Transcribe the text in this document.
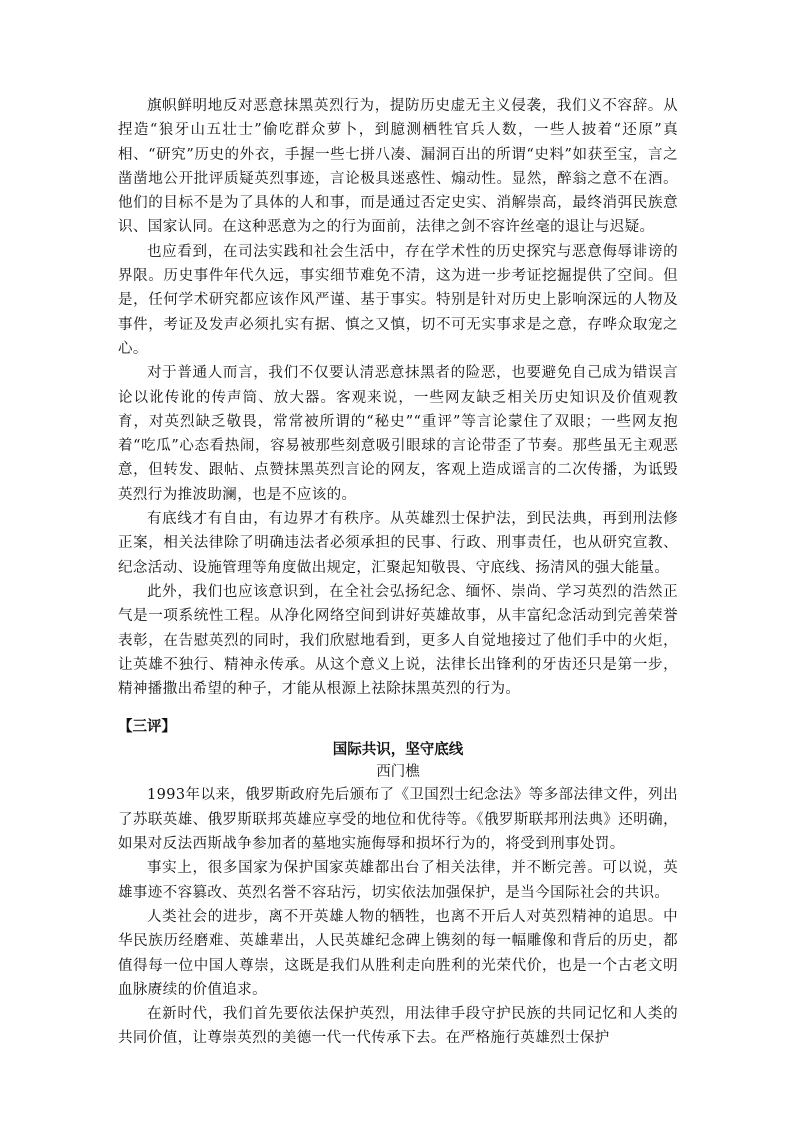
旗帜鲜明地反对恶意抹黑英烈行为，提防历史虚无主义侵袭，我们义不容辞。从捏造“狼牙山五壮士”偷吃群众萝卜，到臆测栖牲官兵人数，一些人披着“还原”真相、“研究”历史的外衣，手握一些七拼八凑、漏洞百出的所谓“史料”如获至宝，言之凿凿地公开批评质疑英烈事迹，言论极具迷惑性、煽动性。显然，醉翁之意不在酒。他们的目标不是为了具体的人和事，而是通过否定史实、消解崇高，最终消弭民族意识、国家认同。在这种恶意为之的行为面前，法律之剑不容许丝毫的退让与迟疑。

也应看到，在司法实践和社会生活中，存在学术性的历史探究与恶意侮辱诽谤的界限。历史事件年代久远，事实细节难免不清，这为进一步考证挖掘提供了空间。但是，任何学术研究都应该作风严谨、基于事实。特别是针对历史上影响深远的人物及事件，考证及发声必须扎实有据、慎之又慎，切不可无实事求是之意，存哗众取宠之心。

对于普通人而言，我们不仅要认清恶意抹黑者的险恶，也要避免自己成为错误言论以讹传讹的传声筒、放大器。客观来说，一些网友缺乏相关历史知识及价值观教育，对英烈缺乏敬畏，常常被所谓的“秘史”“重评”等言论蒙住了双眼；一些网友抱着“吃瓜”心态看热闹，容易被那些刻意吸引眼球的言论带歪了节奏。那些虽无主观恶意，但转发、跟帖、点赞抹黑英烈言论的网友，客观上造成谣言的二次传播，为诋毁英烈行为推波助澜，也是不应该的。

有底线才有自由，有边界才有秩序。从英雄烈士保护法，到民法典，再到刑法修正案，相关法律除了明确违法者必须承担的民事、行政、刑事责任，也从研究宣教、纪念活动、设施管理等角度做出规定，汇聚起知敬畏、守底线、扬清风的强大能量。

此外，我们也应该意识到，在全社会弘扬纪念、缅怀、崇尚、学习英烈的浩然正气是一项系统性工程。从净化网络空间到讲好英雄故事，从丰富纪念活动到完善荣誉表彰，在告慰英烈的同时，我们欣慰地看到，更多人自觉地接过了他们手中的火炬，让英雄不独行、精神永传承。从这个意义上说，法律长出锋利的牙齿还只是第一步，精神播撒出希望的种子，才能从根源上祛除抹黑英烈的行为。

【三评】
国际共识，坚守底线
西门樵

1993年以来，俄罗斯政府先后颁布了《卫国烈士纪念法》等多部法律文件，列出了苏联英雄、俄罗斯联邦英雄应享受的地位和优待等。《俄罗斯联邦刑法典》还明确，如果对反法西斯战争参加者的墓地实施侮辱和损坏行为的，将受到刑事处罚。

事实上，很多国家为保护国家英雄都出台了相关法律，并不断完善。可以说，英雄事迹不容篡改、英烈名誉不容玷污，切实依法加强保护，是当今国际社会的共识。

人类社会的进步，离不开英雄人物的牺牲，也离不开后人对英烈精神的追思。中华民族历经磨难、英雄辈出，人民英雄纪念碑上镌刻的每一幅雕像和背后的历史，都值得每一位中国人尊崇，这既是我们从胜利走向胜利的光荣代价，也是一个古老文明血脉赓续的价值追求。

在新时代，我们首先要依法保护英烈，用法律手段守护民族的共同记忆和人类的共同价值，让尊崇英烈的美德一代一代传承下去。在严格施行英雄烈士保护
